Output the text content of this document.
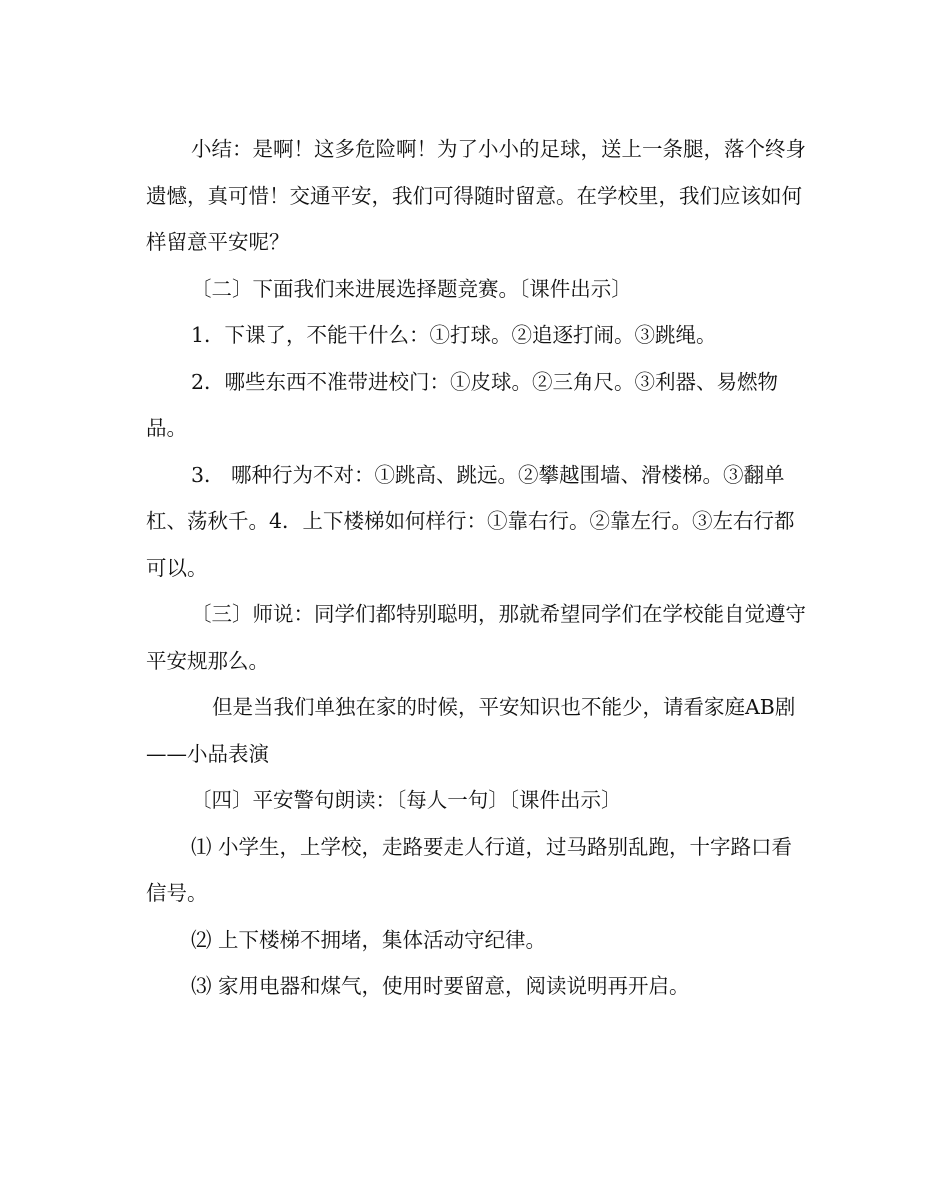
小结：是啊！这多危险啊！为了小小的足球，送上一条腿，落个终身遗憾，真可惜！交通平安，我们可得随时留意。在学校里，我们应该如何样留意平安呢？

〔二〕下面我们来进展选择题竞赛。〔课件出示〕

1．下课了，不能干什么：①打球。②追逐打闹。③跳绳。

2．哪些东西不准带进校门：①皮球。②三角尺。③利器、易燃物品。

3． 哪种行为不对：①跳高、跳远。②攀越围墙、滑楼梯。③翻单杠、荡秋千。4．上下楼梯如何样行：①靠右行。②靠左行。③左右行都可以。

〔三〕师说：同学们都特别聪明，那就希望同学们在学校能自觉遵守平安规那么。

但是当我们单独在家的时候，平安知识也不能少，请看家庭AB剧——小品表演

〔四〕平安警句朗读：〔每人一句〕〔课件出示〕

⑴ 小学生，上学校，走路要走人行道，过马路别乱跑，十字路口看信号。

⑵ 上下楼梯不拥堵，集体活动守纪律。

⑶ 家用电器和煤气，使用时要留意，阅读说明再开启。
